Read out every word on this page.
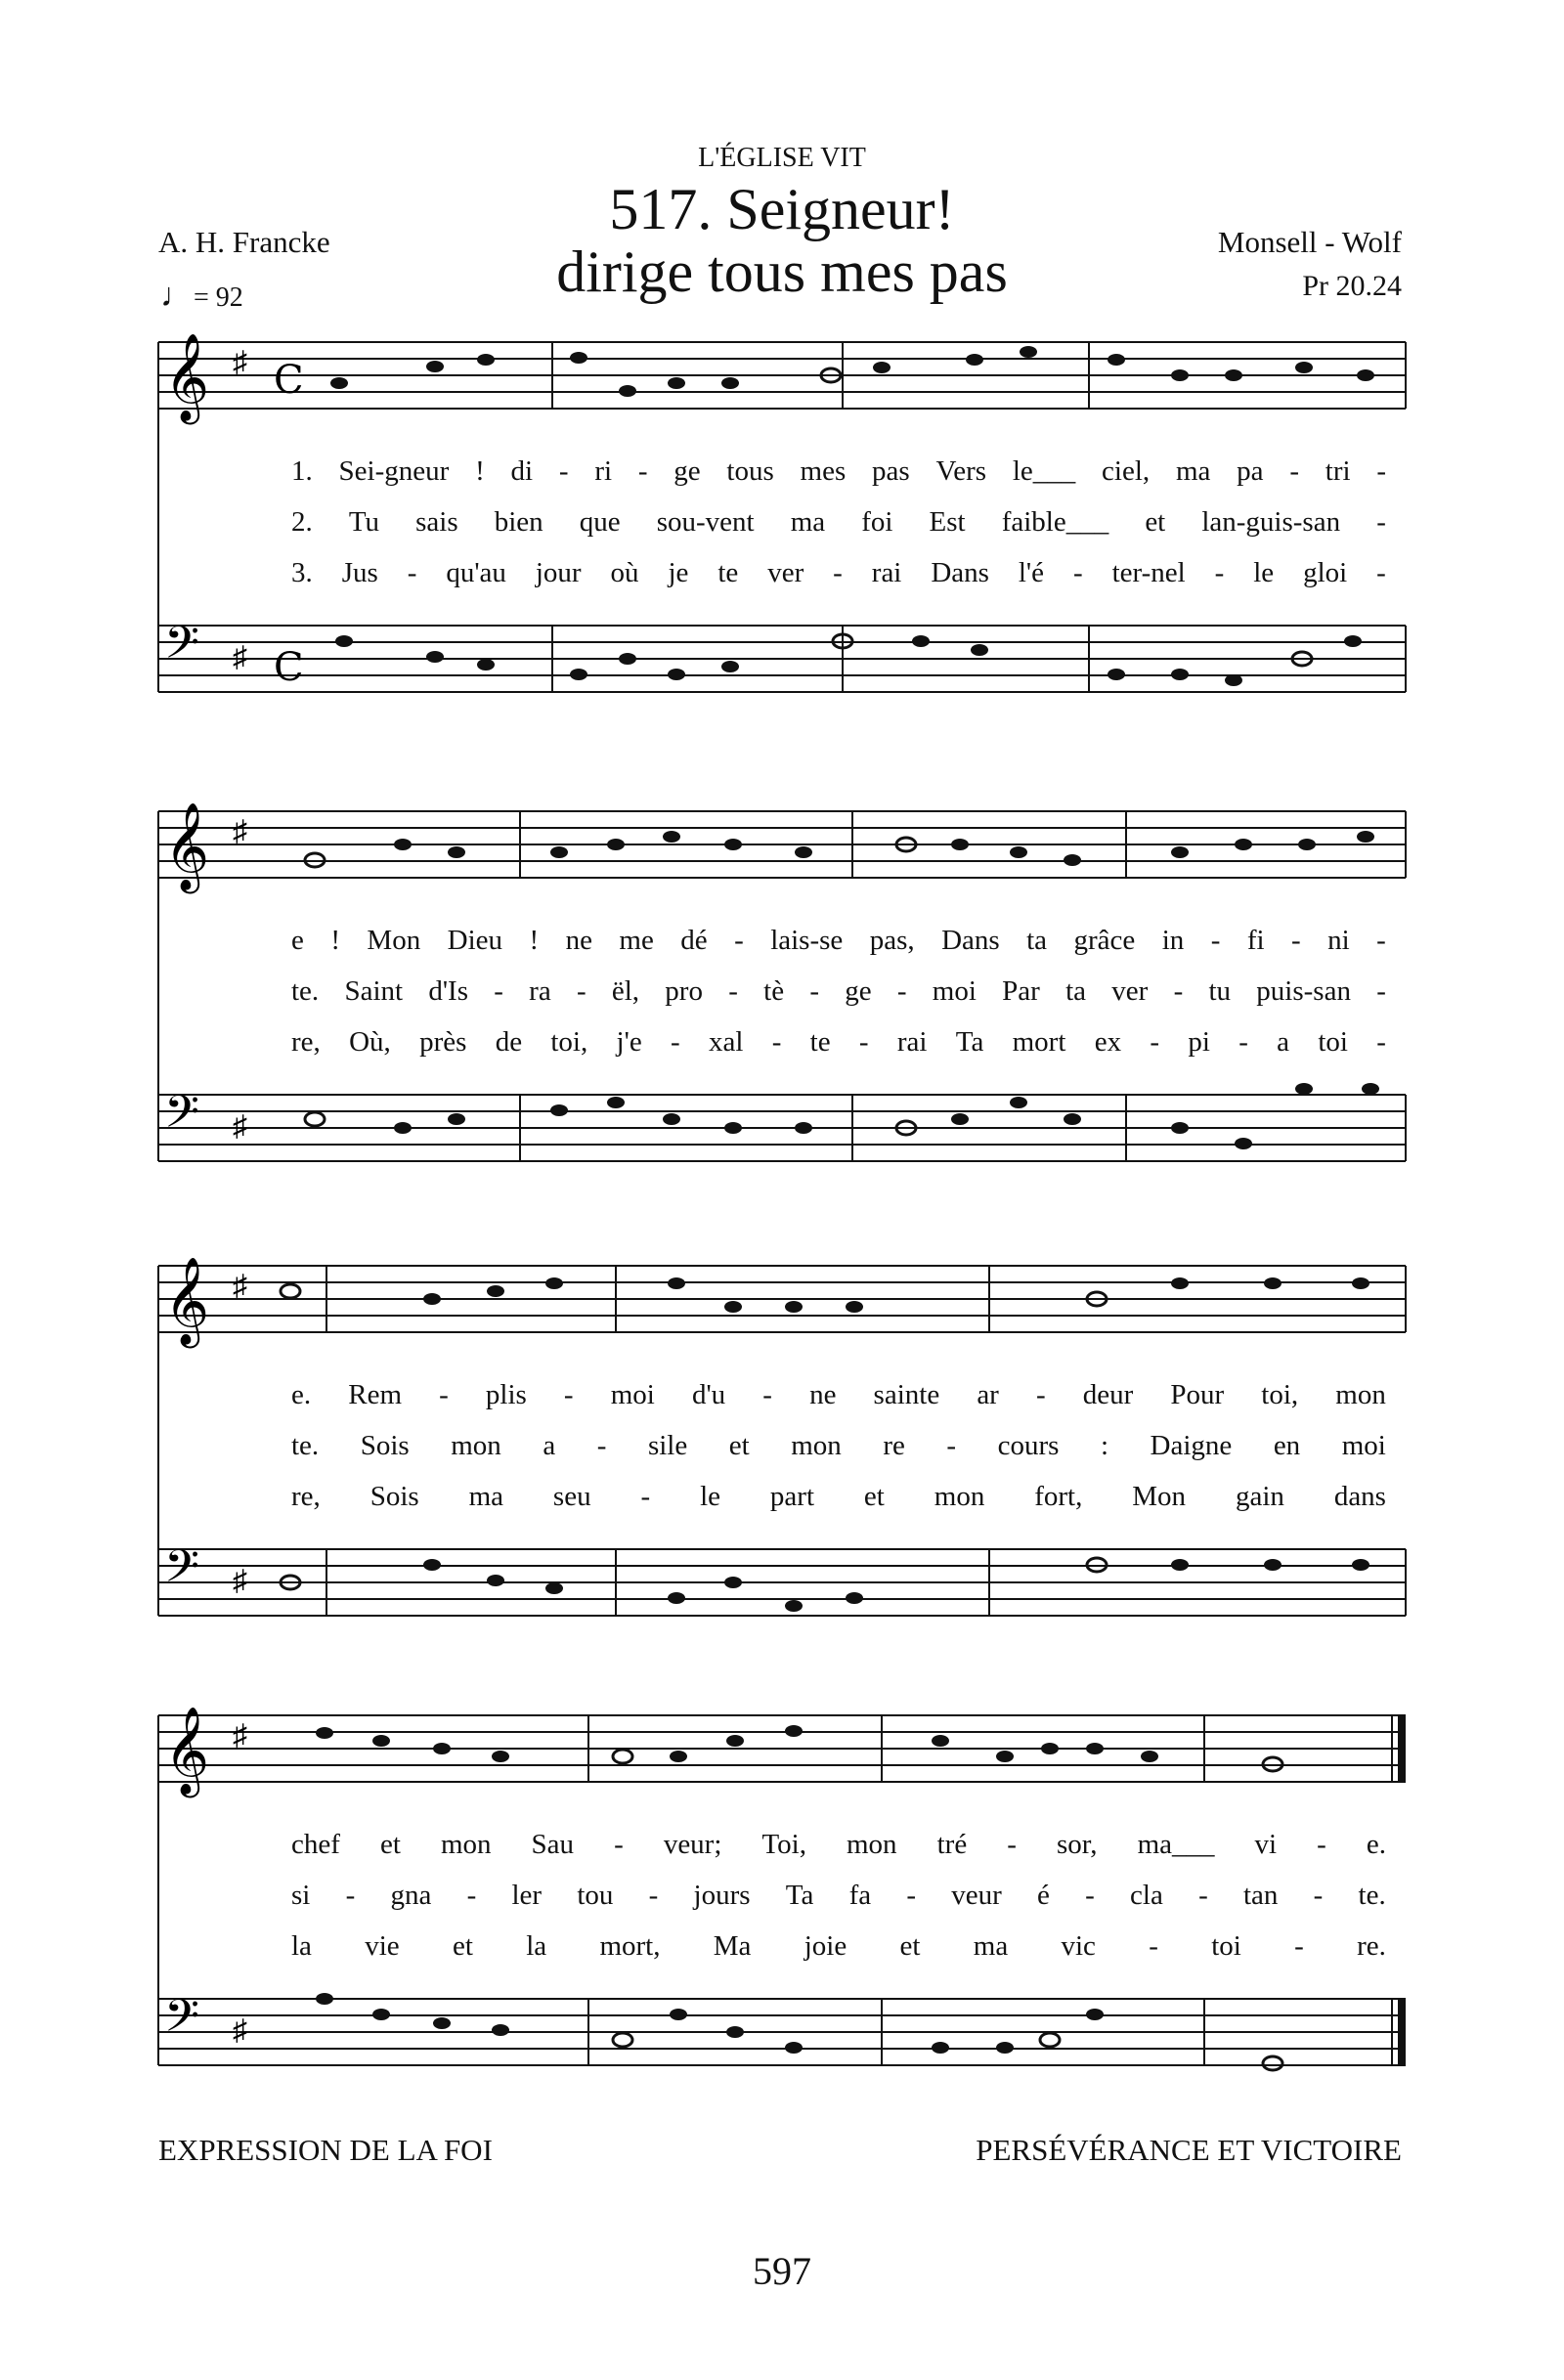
L'ÉGLISE VIT
517. Seigneur!
dirige tous mes pas
A. H. Francke	Monsell - Wolf
Pr 20.24
♩= 92
𝄞 ♯ C
1. Sei-gneur ! di - ri - ge tous mes pas Vers le___ ciel, ma pa - tri -
2. Tu sais bien que sou-vent ma foi Est faible___ et lan-guis-san -
3. Jus - qu'au jour où je te ver - rai Dans l'é - ter-nel - le gloi -
𝄢 ♯ C
𝄞 ♯
e ! Mon Dieu ! ne me dé - lais-se pas, Dans ta grâce in - fi - ni -
te. Saint d'Is - ra - ël, pro - tè - ge - moi Par ta ver - tu puis-san -
re, Où, près de toi, j'e - xal - te - rai Ta mort ex - pi - a toi -
𝄢 ♯
𝄞 ♯
e. Rem - plis - moi d'u - ne sainte ar - deur Pour toi, mon
te. Sois mon a - sile et mon re - cours : Daigne en moi
re, Sois ma seu - le part et mon fort, Mon gain dans
𝄢 ♯
𝄞 ♯
chef et mon Sau - veur; Toi, mon tré - sor, ma___ vi - e.
si - gna - ler tou - jours Ta fa - veur é - cla - tan - te.
la vie et la mort, Ma joie et ma vic - toi - re.
𝄢 ♯
EXPRESSION DE LA FOI	PERSÉVÉRANCE ET VICTOIRE
597
